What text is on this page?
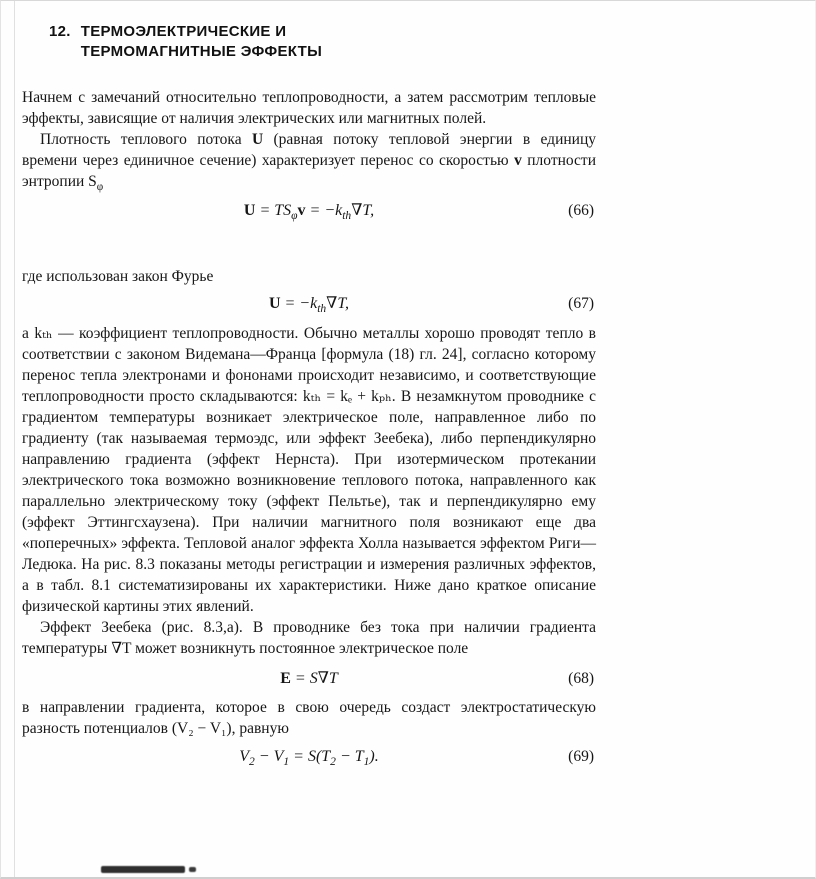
12. ТЕРМОЭЛЕКТРИЧЕСКИЕ И
ТЕРМОМАГНИТНЫЕ ЭФФЕКТЫ

Начнем с замечаний относительно теплопроводности, а затем рассмотрим тепловые эффекты, зависящие от наличия электрических или магнитных полей.

Плотность теплового потока U (равная потоку тепловой энергии в единицу времени через единичное сечение) характеризует перенос со скоростью v плотности энтропии $S_\varphi$

$U = TS_\varphi v = -k_{th}\nabla T$,	(66)

где использован закон Фурье

$U = -k_{th}\nabla T$,	(67)

а kₜₕ — коэффициент теплопроводности. Обычно металлы хорошо проводят тепло в соответствии с законом Видемана—Франца [формула (18) гл. 24], согласно которому перенос тепла электронами и фононами происходит независимо, и соответствующие теплопроводности просто складываются: kₜₕ = kₑ + kₚₕ. В незамкнутом проводнике с градиентом температуры возникает электрическое поле, направленное либо по градиенту (так называемая термоэдс, или эффект Зеебека), либо перпендикулярно направлению градиента (эффект Нернста). При изотермическом протекании электрического тока возможно возникновение теплового потока, направленного как параллельно электрическому току (эффект Пельтье), так и перпендикулярно ему (эффект Эттингсхаузена). При наличии магнитного поля возникают еще два «поперечных» эффекта. Тепловой аналог эффекта Холла называется эффектом Риги—Ледюка. На рис. 8.3 показаны методы регистрации и измерения различных эффектов, а в табл. 8.1 систематизированы их характеристики. Ниже дано краткое описание физической картины этих явлений.

Эффект Зеебека (рис. 8.3,а). В проводнике без тока при наличии градиента температуры ∇T может возникнуть постоянное электрическое поле

E = S∇T	(68)

в направлении градиента, которое в свою очередь создаст электростатическую разность потенциалов (V₂ − V₁), равную

$V_2 - V_1 = S(T_2 - T_1)$.	(69)
